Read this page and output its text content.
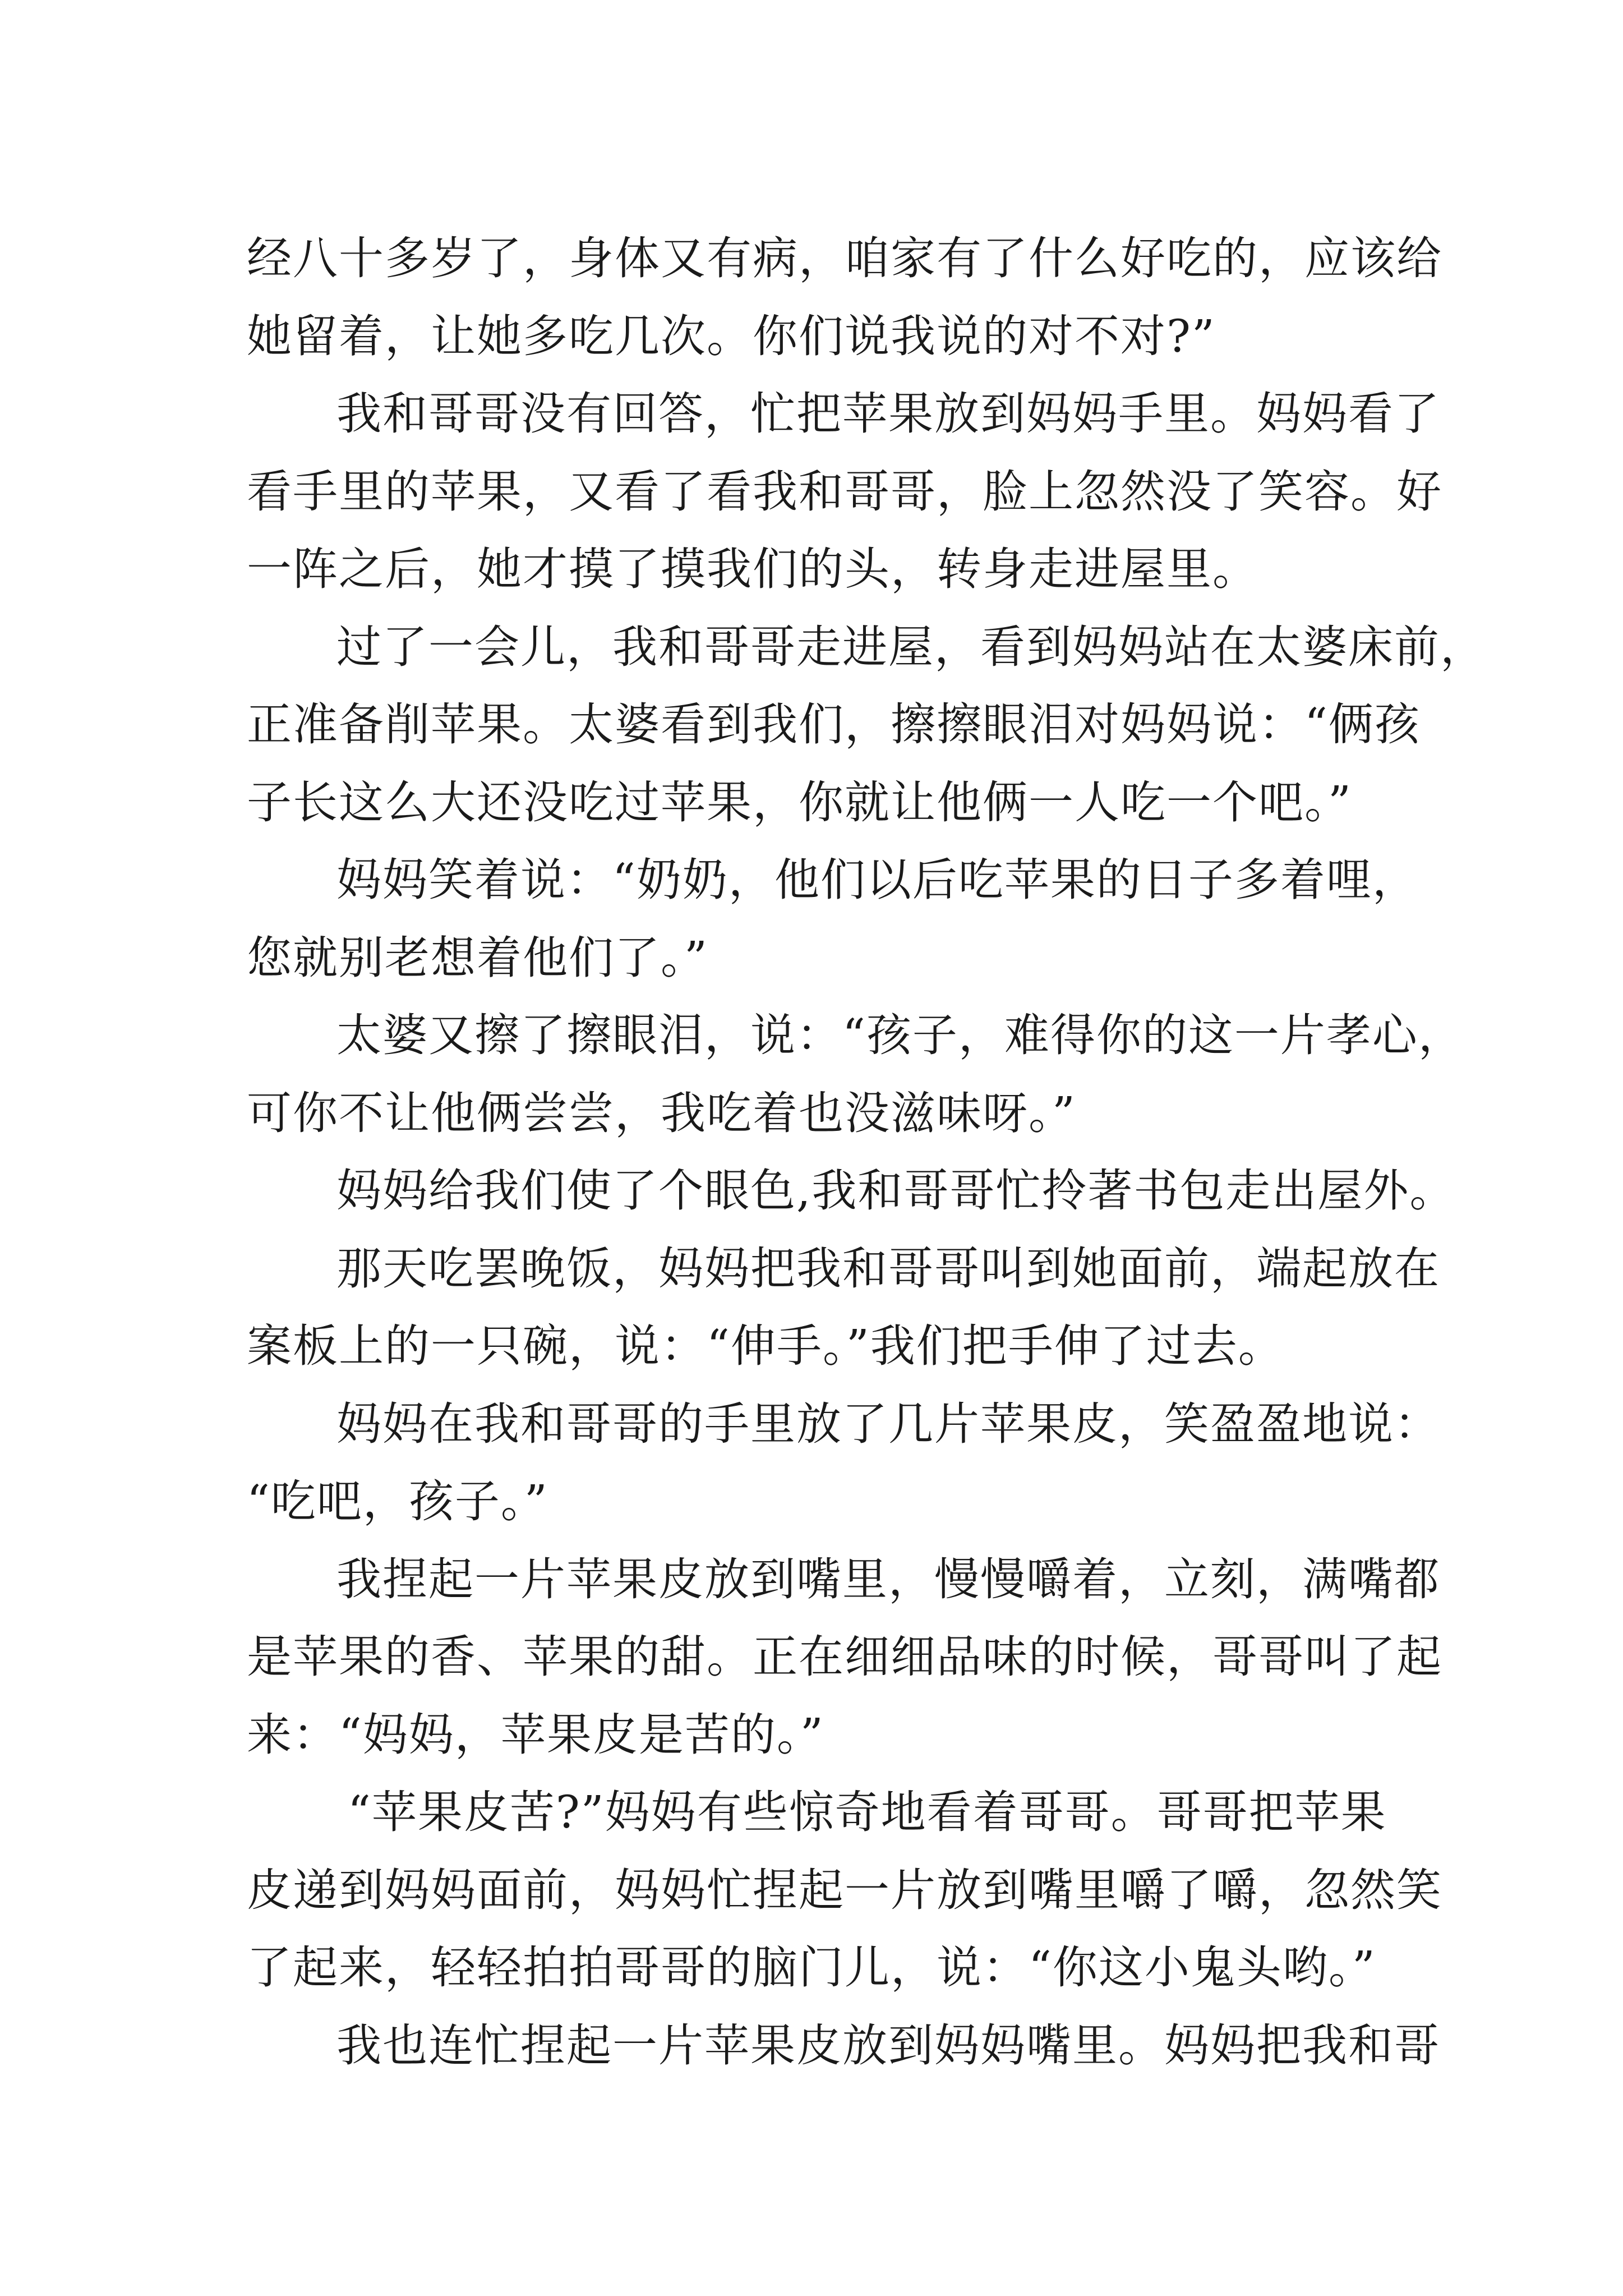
经八十多岁了，身体又有病，咱家有了什么好吃的，应该给
她留着，让她多吃几次。你们说我说的对不对?”
我和哥哥没有回答，忙把苹果放到妈妈手里。妈妈看了
看手里的苹果，又看了看我和哥哥，脸上忽然没了笑容。好
一阵之后，她才摸了摸我们的头，转身走进屋里。
过了一会儿，我和哥哥走进屋，看到妈妈站在太婆床前，
正准备削苹果。太婆看到我们，擦擦眼泪对妈妈说：“俩孩
子长这么大还没吃过苹果，你就让他俩一人吃一个吧。”
妈妈笑着说：“奶奶，他们以后吃苹果的日子多着哩，
您就别老想着他们了。”
太婆又擦了擦眼泪，说：“孩子，难得你的这一片孝心，
可你不让他俩尝尝，我吃着也没滋味呀。”
妈妈给我们使了个眼色,我和哥哥忙拎著书包走出屋外。
那天吃罢晚饭，妈妈把我和哥哥叫到她面前，端起放在
案板上的一只碗，说：“伸手。”我们把手伸了过去。
妈妈在我和哥哥的手里放了几片苹果皮，笑盈盈地说：
“吃吧，孩子。”
我捏起一片苹果皮放到嘴里，慢慢嚼着，立刻，满嘴都
是苹果的香、苹果的甜。正在细细品味的时候，哥哥叫了起
来：“妈妈，苹果皮是苦的。”
“苹果皮苦?”妈妈有些惊奇地看着哥哥。哥哥把苹果
皮递到妈妈面前，妈妈忙捏起一片放到嘴里嚼了嚼，忽然笑
了起来，轻轻拍拍哥哥的脑门儿，说：“你这小鬼头哟。”
我也连忙捏起一片苹果皮放到妈妈嘴里。妈妈把我和哥
